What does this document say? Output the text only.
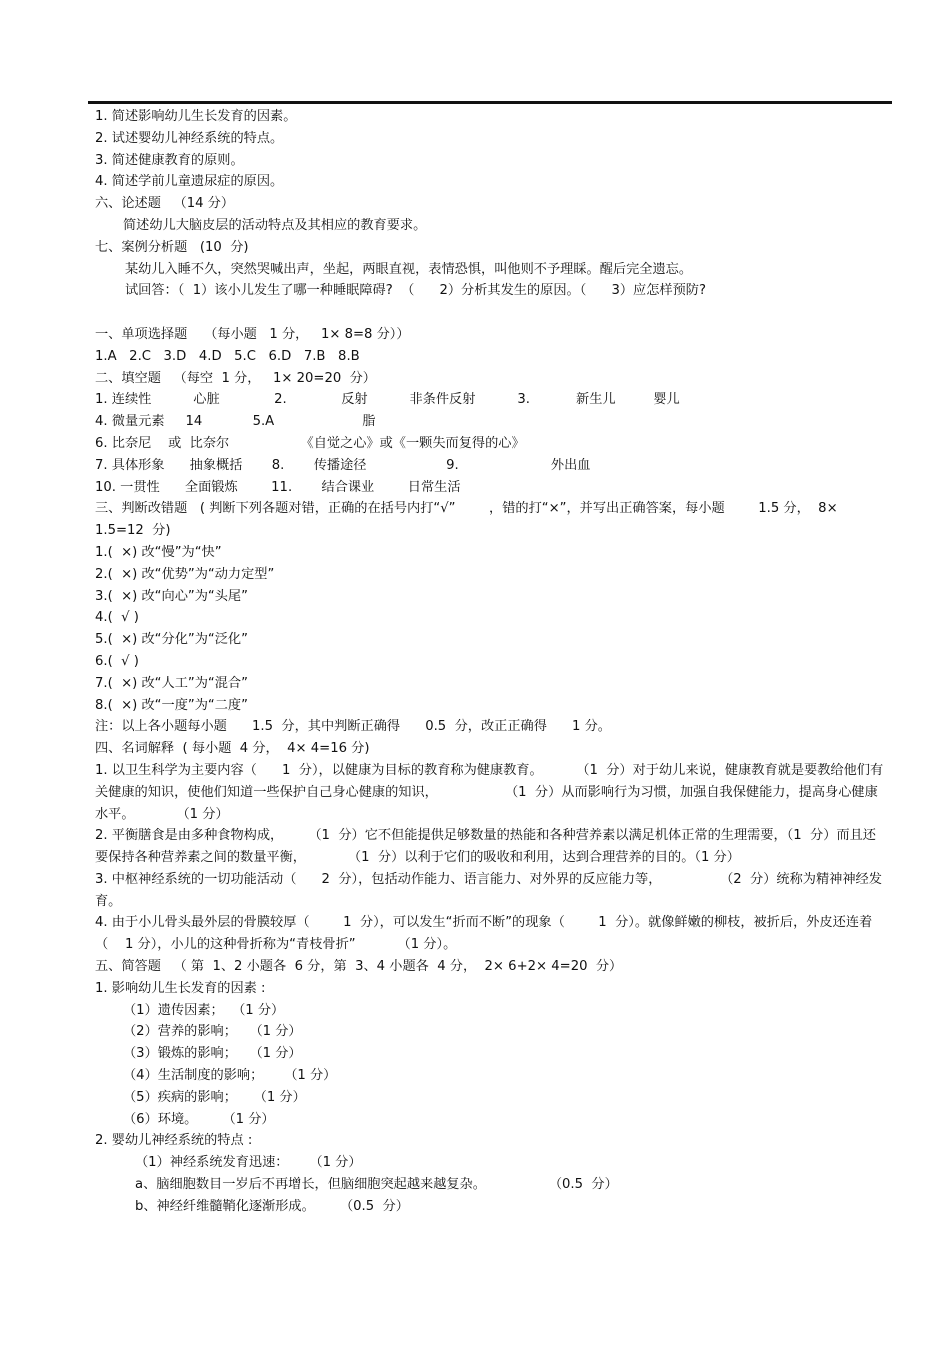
1. 简述影响幼儿生长发育的因素。
2. 试述婴幼儿神经系统的特点。
3. 简述健康教育的原则。
4. 简述学前儿童遗尿症的原因。
六、论述题   （14 分）
简述幼儿大脑皮层的活动特点及其相应的教育要求。
七、案例分析题   (10  分)
某幼儿入睡不久，突然哭喊出声，坐起，两眼直视，表情恐惧，叫他则不予理睬。醒后完全遗忘。
试回答：（  1）该小儿发生了哪一种睡眠障碍?  （      2）分析其发生的原因。（      3）应怎样预防?
一、单项选择题    （每小题   1 分，   1× 8=8 分））
1.A   2.C   3.D   4.D   5.C   6.D   7.B   8.B
二、填空题   （每空  1 分，   1× 20=20  分）
1. 连续性          心脏             2.             反射          非条件反射          3.           新生儿         婴儿
4. 微量元素     14            5.A                     脂
6. 比奈尼    或  比奈尔                 《自觉之心》或《一颗失而复得的心》
7. 具体形象      抽象概括       8.       传播途径                   9.                      外出血
10. 一贯性      全面锻炼        11.       结合课业        日常生活
三、判断改错题   ( 判断下列各题对错，正确的在括号内打“√”        ，错的打“×”，并写出正确答案，每小题        1.5 分，  8× 1.5=12  分)
1.(  ×) 改“慢”为“快”
2.(  ×) 改“优势”为“动力定型”
3.(  ×) 改“向心”为“头尾”
4.(  √ )
5.(  ×) 改“分化”为“泛化”
6.(  √ )
7.(  ×) 改“人工”为“混合”
8.(  ×) 改“一度”为“二度”
注：以上各小题每小题      1.5  分，其中判断正确得      0.5  分，改正正确得      1 分。
四、名词解释  ( 每小题  4 分，  4× 4=16 分)
1. 以卫生科学为主要内容（      1  分），以健康为目标的教育称为健康教育。        （1  分）对于幼儿来说，健康教育就是要教给他们有关健康的知识，使他们知道一些保护自己身心健康的知识，                （1  分）从而影响行为习惯，加强自我保健能力，提高身心健康水平。          （1 分）
2. 平衡膳食是由多种食物构成，      （1  分）它不但能提供足够数量的热能和各种营养素以满足机体正常的生理需要，（1  分）而且还要保持各种营养素之间的数量平衡，          （1  分）以利于它们的吸收和利用，达到合理营养的目的。（1 分）
3. 中枢神经系统的一切功能活动（      2  分），包括动作能力、语言能力、对外界的反应能力等，              （2  分）统称为精神神经发育。
4. 由于小儿骨头最外层的骨膜较厚（        1  分），可以发生“折而不断”的现象（        1  分）。就像鲜嫩的柳枝，被折后，外皮还连着（    1 分），小儿的这种骨折称为“青枝骨折”          （1 分）。
五、简答题   （ 第  1、2 小题各  6 分，第  3、4 小题各  4 分，  2× 6+2× 4=20  分）
1. 影响幼儿生长发育的因素 :
（1）遗传因素；  （1 分）
（2）营养的影响；   （1 分）
（3）锻炼的影响；   （1 分）
（4）生活制度的影响；     （1 分）
（5）疾病的影响；    （1 分）
（6）环境。      （1 分）
2. 婴幼儿神经系统的特点 :
（1）神经系统发育迅速：     （1 分）
a、脑细胞数目一岁后不再增长，但脑细胞突起越来越复杂。               （0.5  分）
b、神经纤维髓鞘化逐渐形成。      （0.5  分）
